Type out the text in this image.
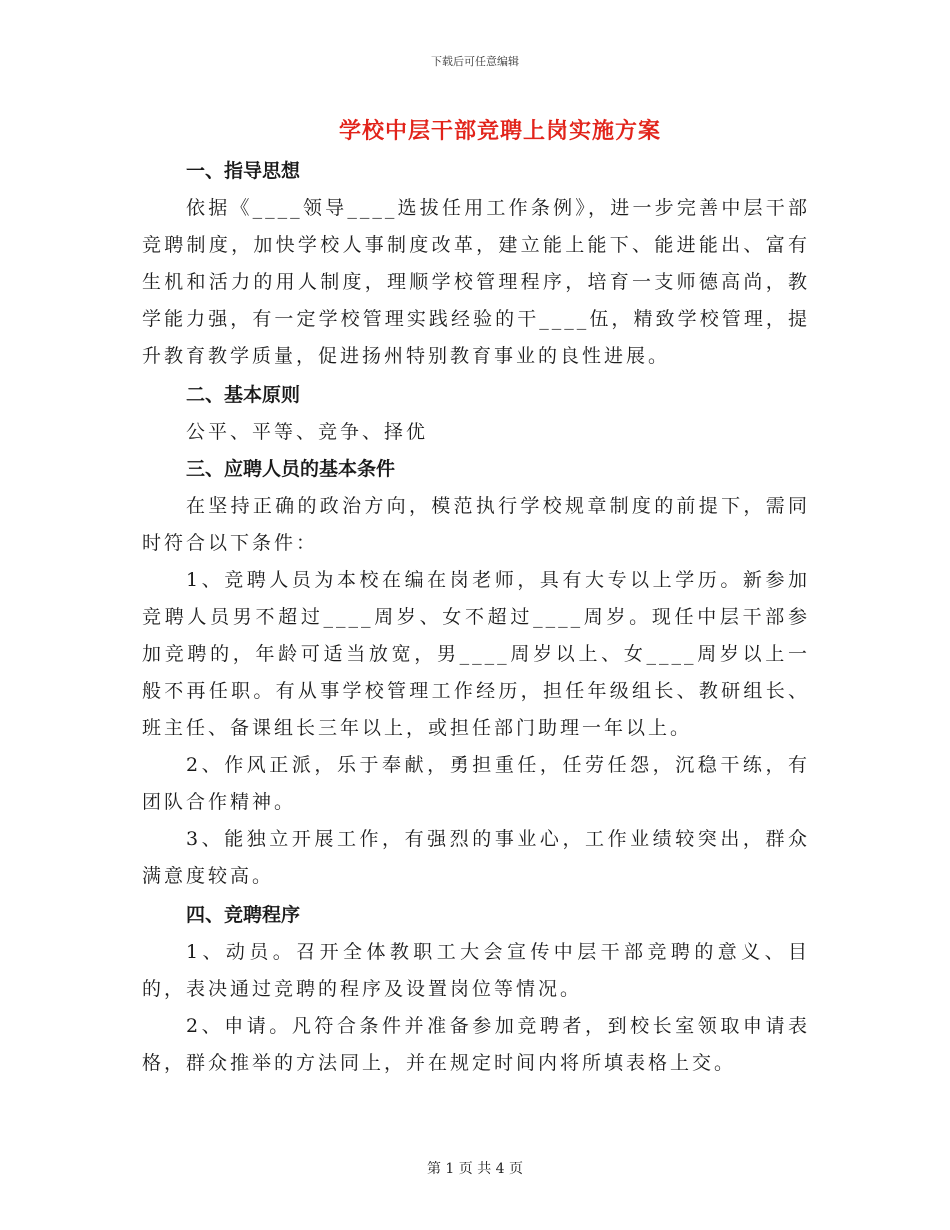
下载后可任意编辑
学校中层干部竞聘上岗实施方案
一、指导思想
依据《____领导____选拔任用工作条例》，进一步完善中层干部竞聘制度，加快学校人事制度改革，建立能上能下、能进能出、富有生机和活力的用人制度，理顺学校管理程序，培育一支师德高尚，教学能力强，有一定学校管理实践经验的干____伍，精致学校管理，提升教育教学质量，促进扬州特别教育事业的良性进展。
二、基本原则
公平、平等、竞争、择优
三、应聘人员的基本条件
在坚持正确的政治方向，模范执行学校规章制度的前提下，需同时符合以下条件：
1、竞聘人员为本校在编在岗老师，具有大专以上学历。新参加竞聘人员男不超过____周岁、女不超过____周岁。现任中层干部参加竞聘的，年龄可适当放宽，男____周岁以上、女____周岁以上一般不再任职。有从事学校管理工作经历，担任年级组长、教研组长、班主任、备课组长三年以上，或担任部门助理一年以上。
2、作风正派，乐于奉献，勇担重任，任劳任怨，沉稳干练，有团队合作精神。
3、能独立开展工作，有强烈的事业心，工作业绩较突出，群众满意度较高。
四、竞聘程序
1、动员。召开全体教职工大会宣传中层干部竞聘的意义、目的，表决通过竞聘的程序及设置岗位等情况。
2、申请。凡符合条件并准备参加竞聘者，到校长室领取申请表格，群众推举的方法同上，并在规定时间内将所填表格上交。
第 1 页 共 4 页
